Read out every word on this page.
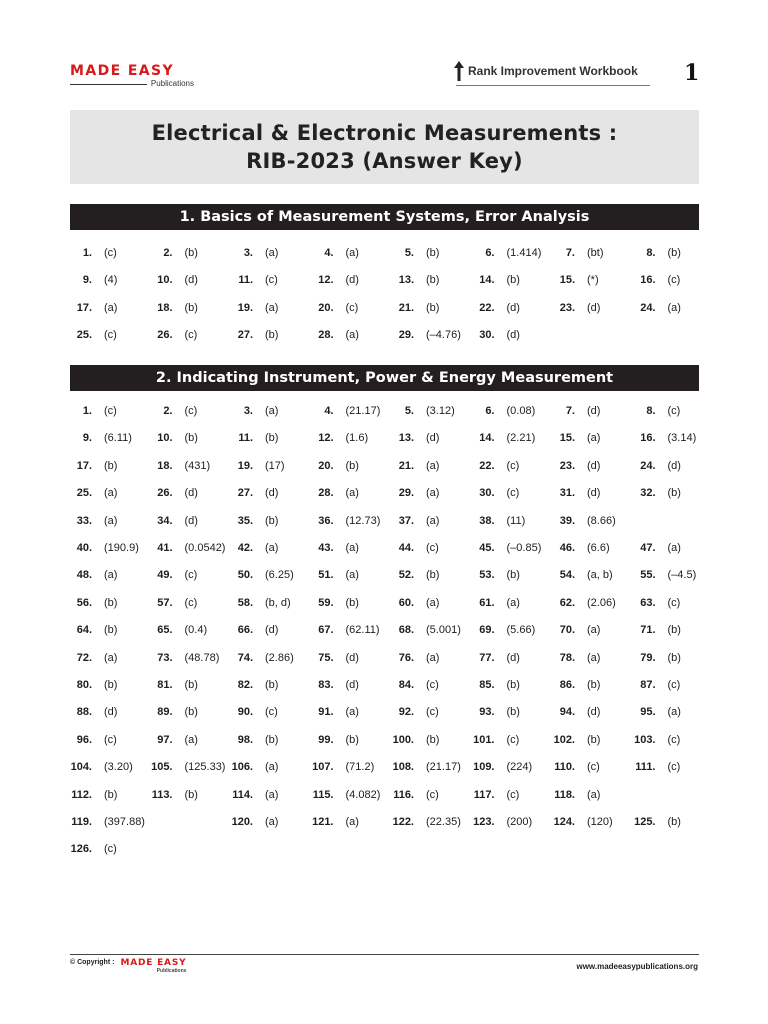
MADE EASY
Publications
Rank Improvement Workbook 1
Electrical & Electronic Measurements :
RIB-2023 (Answer Key)
1. Basics of Measurement Systems, Error Analysis
2. Indicating Instrument, Power & Energy Measurement
1. (c)	2. (b)	3. (a)	4. (a)	5. (b)	6. (1.414)	7. (bt)	8. (b)
9. (4)	10. (d)	11. (c)	12. (d)	13. (b)	14. (b)	15. (*)	16. (c)
17. (a)	18. (b)	19. (a)	20. (c)	21. (b)	22. (d)	23. (d)	24. (a)
25. (c)	26. (c)	27. (b)	28. (a)	29. (–4.76)	30. (d)
1. (c)	2. (c)	3. (a)	4. (21.17)	5. (3.12)	6. (0.08)	7. (d)	8. (c)
9. (6.11)	10. (b)	11. (b)	12. (1.6)	13. (d)	14. (2.21)	15. (a)	16. (3.14)
17. (b)	18. (431)	19. (17)	20. (b)	21. (a)	22. (c)	23. (d)	24. (d)
25. (a)	26. (d)	27. (d)	28. (a)	29. (a)	30. (c)	31. (d)	32. (b)
33. (a)	34. (d)	35. (b)	36. (12.73)	37. (a)	38. (11)	39. (8.66)
40. (190.9)	41. (0.0542)	42. (a)	43. (a)	44. (c)	45. (–0.85)	46. (6.6)	47. (a)
48. (a)	49. (c)	50. (6.25)	51. (a)	52. (b)	53. (b)	54. (a, b)	55. (–4.5)
56. (b)	57. (c)	58. (b, d)	59. (b)	60. (a)	61. (a)	62. (2.06)	63. (c)
64. (b)	65. (0.4)	66. (d)	67. (62.11)	68. (5.001)	69. (5.66)	70. (a)	71. (b)
72. (a)	73. (48.78)	74. (2.86)	75. (d)	76. (a)	77. (d)	78. (a)	79. (b)
80. (b)	81. (b)	82. (b)	83. (d)	84. (c)	85. (b)	86. (b)	87. (c)
88. (d)	89. (b)	90. (c)	91. (a)	92. (c)	93. (b)	94. (d)	95. (a)
96. (c)	97. (a)	98. (b)	99. (b)	100. (b)	101. (c)	102. (b)	103. (c)
104. (3.20) 105. (125.33) 106. (a)	107. (71.2) 108. (21.17) 109. (224) 110. (c)	111. (c)
112. (b)	113. (b)	114. (a)	115. (4.082) 116. (c)	117. (c)	118. (a)
119. (397.88)	120. (a)	121. (a)	122. (22.35) 123. (200) 124. (120) 125. (b)
126. (c)
© Copyright : MADE EASY
Publications	www.madeeasypublications.org
